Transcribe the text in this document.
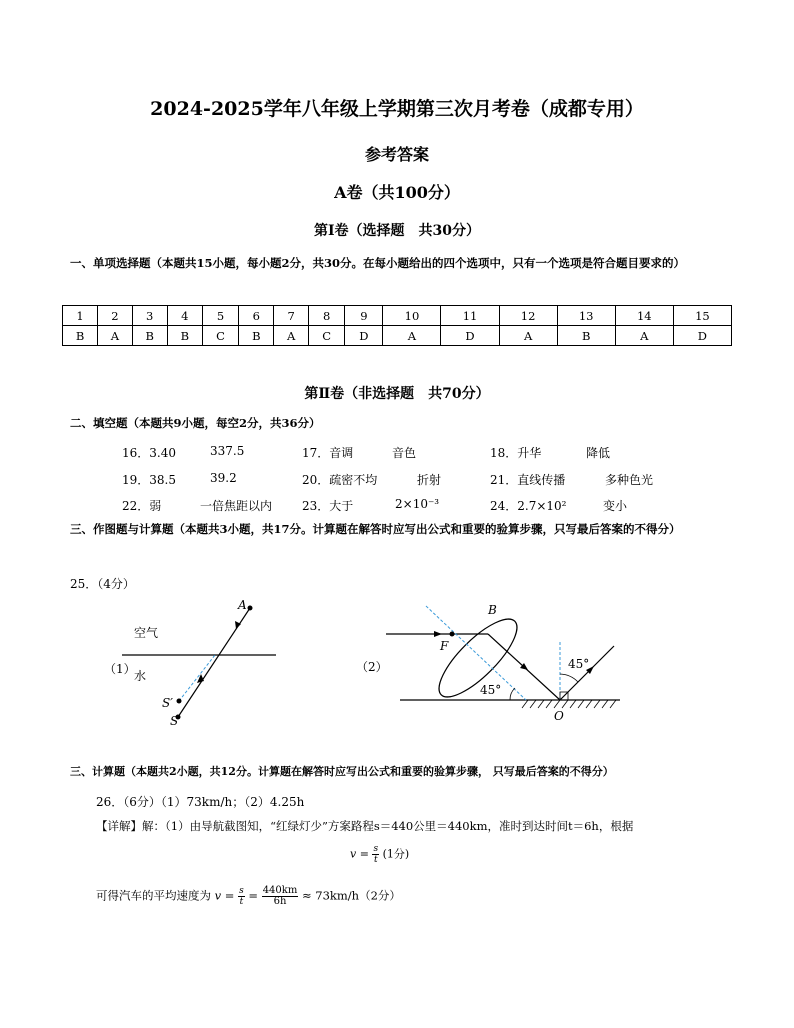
2024-2025学年八年级上学期第三次月考卷（成都专用）
参考答案
A卷（共100分）
第Ⅰ卷（选择题　共30分）
一、单项选择题（本题共15小题，每小题2分，共30分。在每小题给出的四个选项中，只有一个选项是符合题目要求的）
1	2	3	4	5	6	7	8	9	10	11	12	13	14	15
B	A	B	B	C	B	A	C	D	A	D	A	B	A	D
第Ⅱ卷（非选择题　共70分）
二、填空题（本题共9小题，每空2分，共36分）
16．3.40	337.5	17．音调	音色	18．升华	降低
19．38.5	39.2	20．疏密不均	折射	21．直线传播	多种色光
22．弱	一倍焦距以内 23．大于	2×10⁻³	24．2.7×10²	变小
三、作图题与计算题（本题共3小题，共17分。计算题在解答时应写出公式和重要的验算步骤，只写最后答案的不得分）
25．（4分）
（1）
空气
水
A
S′
S
（2）
B
F
O
45°
45°
三、计算题（本题共2小题，共12分。计算题在解答时应写出公式和重要的验算步骤， 只写最后答案的不得分）
26．（6分）（1）73km/h；（2）4.25h
【详解】解：（1）由导航截图知，“红绿灯少”方案路程s＝440公里＝440km，准时到达时间t＝6h，根据
$v = \frac{s}{t} (1$分)
可得汽车的平均速度为 $v = \frac{s}{t} = \frac{440km}{6h} \approx 73km/h(2$分）
